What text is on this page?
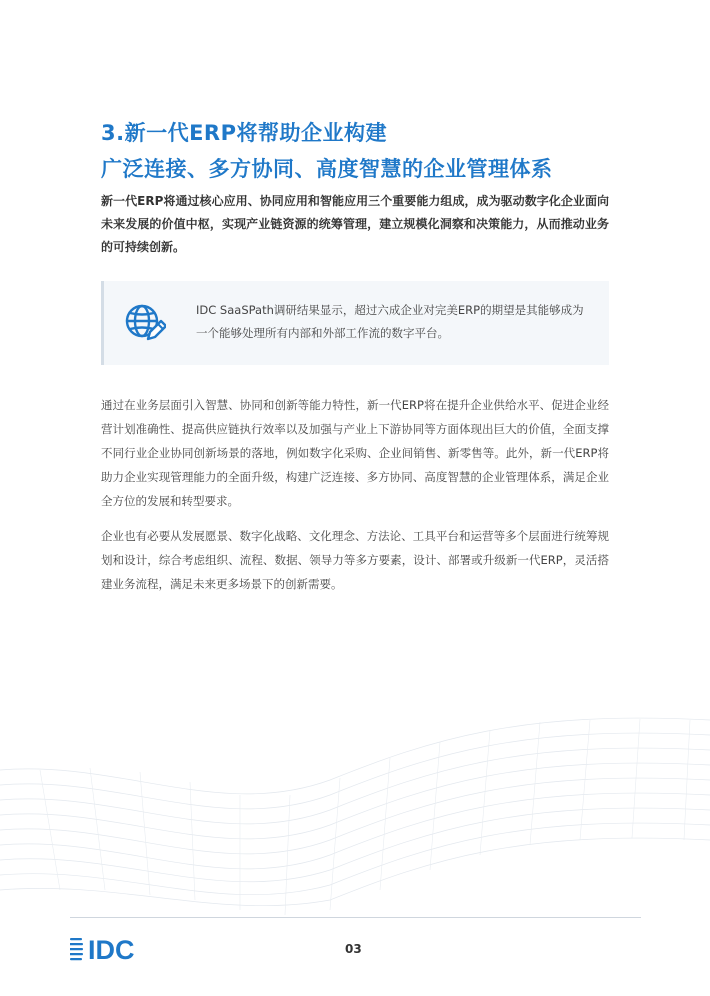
3.新一代ERP将帮助企业构建
广泛连接、多方协同、高度智慧的企业管理体系
新一代ERP将通过核心应用、协同应用和智能应用三个重要能力组成，成为驱动数字化企业面向未来发展的价值中枢，实现产业链资源的统筹管理，建立规模化洞察和决策能力，从而推动业务的可持续创新。
IDC SaaSPath调研结果显示，超过六成企业对完美ERP的期望是其能够成为
一个能够处理所有内部和外部工作流的数字平台。
通过在业务层面引入智慧、协同和创新等能力特性，新一代ERP将在提升企业供给水平、促进企业经营计划准确性、提高供应链执行效率以及加强与产业上下游协同等方面体现出巨大的价值，全面支撑不同行业企业协同创新场景的落地，例如数字化采购、企业间销售、新零售等。此外，新一代ERP将助力企业实现管理能力的全面升级，构建广泛连接、多方协同、高度智慧的企业管理体系，满足企业全方位的发展和转型要求。
企业也有必要从发展愿景、数字化战略、文化理念、方法论、工具平台和运营等多个层面进行统筹规划和设计，综合考虑组织、流程、数据、领导力等多方要素，设计、部署或升级新一代ERP，灵活搭建业务流程，满足未来更多场景下的创新需要。
IDC	03
